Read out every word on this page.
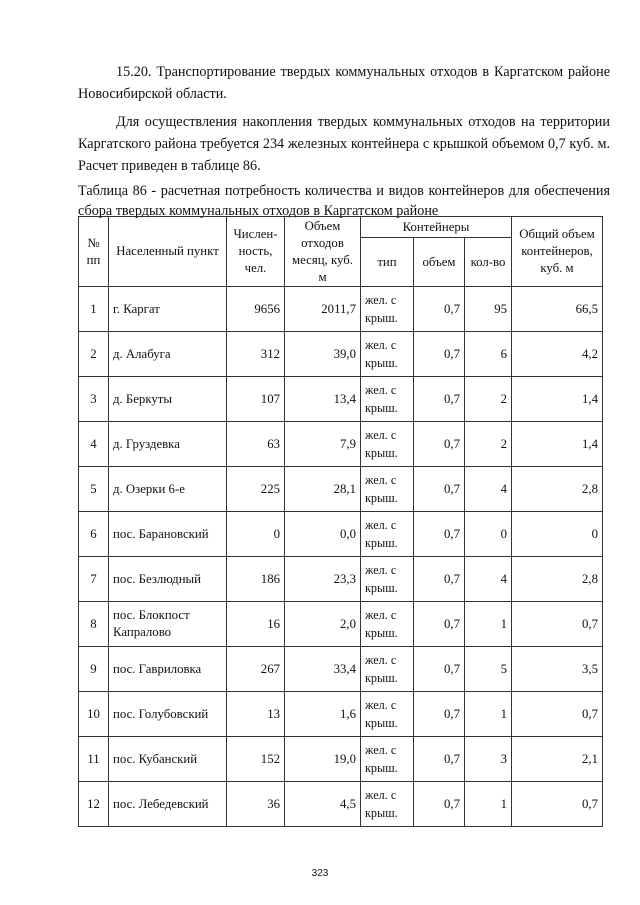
15.20. Транспортирование твердых коммунальных отходов в Каргатском районе Новосибирской области.
Для осуществления накопления твердых коммунальных отходов на территории Каргатского района требуется 234 железных контейнера с крышкой объемом 0,7 куб. м. Расчет приведен в таблице 86.
Таблица 86 - расчетная потребность количества и видов контейнеров для обеспечения сбора твердых коммунальных отходов в Каргатском районе
№ пп	Населенный пункт	Числен-ность, чел.	Объем отходов месяц, куб. м	Контейнеры			Общий объем контейнеров, куб. м
				тип	объем	кол-во	
1	г. Каргат	9656	2011,7	жел. с крыш.	0,7	95	66,5
2	д. Алабуга	312	39,0	жел. с крыш.	0,7	6	4,2
3	д. Беркуты	107	13,4	жел. с крыш.	0,7	2	1,4
4	д. Груздевка	63	7,9	жел. с крыш.	0,7	2	1,4
5	д. Озерки 6-е	225	28,1	жел. с крыш.	0,7	4	2,8
6	пос. Барановский	0	0,0	жел. с крыш.	0,7	0	0
7	пос. Безлюдный	186	23,3	жел. с крыш.	0,7	4	2,8
8	пос. Блокпост Капралово	16	2,0	жел. с крыш.	0,7	1	0,7
9	пос. Гавриловка	267	33,4	жел. с крыш.	0,7	5	3,5
10	пос. Голубовский	13	1,6	жел. с крыш.	0,7	1	0,7
11	пос. Кубанский	152	19,0	жел. с крыш.	0,7	3	2,1
12	пос. Лебедевский	36	4,5	жел. с крыш.	0,7	1	0,7
323
